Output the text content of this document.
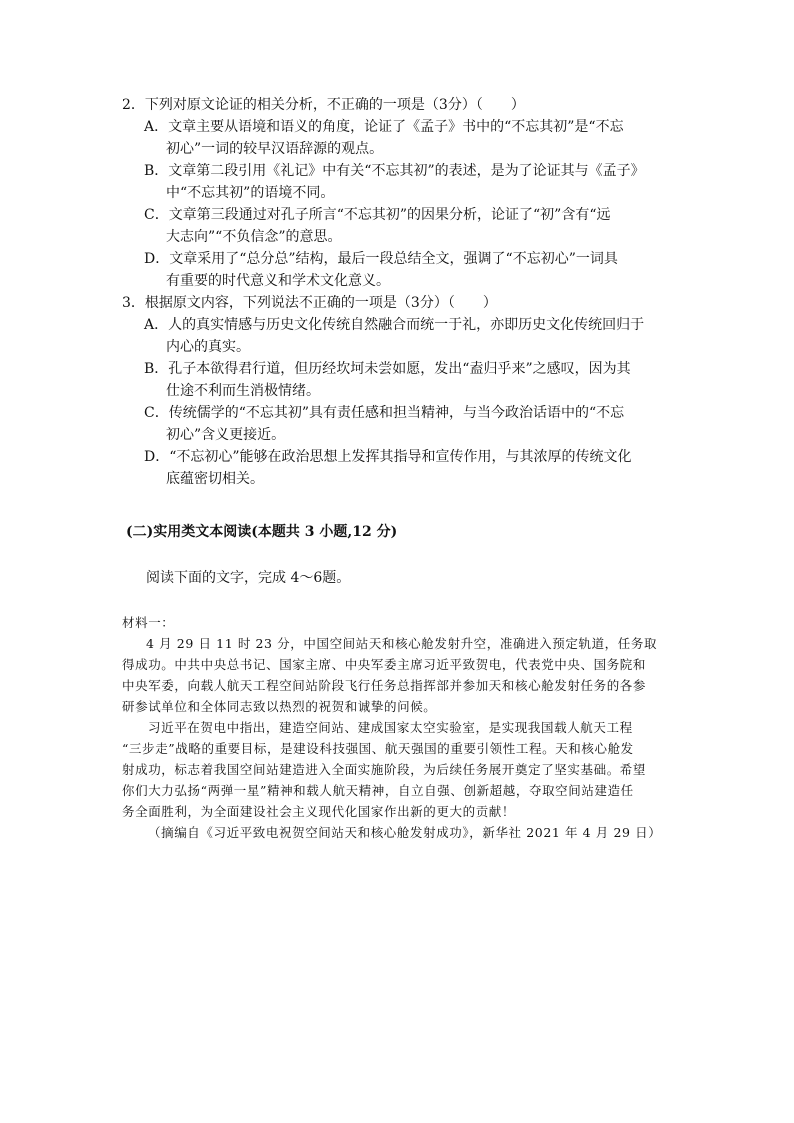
2．下列对原文论证的相关分析，不正确的一项是（3分）（　　）
A．文章主要从语境和语义的角度，论证了《孟子》书中的“不忘其初”是“不忘
初心”一词的较早汉语辞源的观点。
B．文章第二段引用《礼记》中有关“不忘其初”的表述，是为了论证其与《孟子》
中“不忘其初”的语境不同。
C．文章第三段通过对孔子所言“不忘其初”的因果分析，论证了“初”含有“远
大志向”“不负信念”的意思。
D．文章采用了“总分总”结构，最后一段总结全文，强调了“不忘初心”一词具
有重要的时代意义和学术文化意义。
3．根据原文内容，下列说法不正确的一项是（3分）（　　）
A．人的真实情感与历史文化传统自然融合而统一于礼，亦即历史文化传统回归于
内心的真实。
B．孔子本欲得君行道，但历经坎坷未尝如愿，发出“盍归乎来”之感叹，因为其
仕途不利而生消极情绪。
C．传统儒学的“不忘其初”具有责任感和担当精神，与当今政治话语中的“不忘
初心”含义更接近。
D．“不忘初心”能够在政治思想上发挥其指导和宣传作用，与其浓厚的传统文化
底蕴密切相关。
(二)实用类文本阅读(本题共 3 小题,12 分)
阅读下面的文字，完成 4～6题。
材料一：
4 月 29 日 11 时 23 分，中国空间站天和核心舱发射升空，准确进入预定轨道，任务取
得成功。中共中央总书记、国家主席、中央军委主席习近平致贺电，代表党中央、国务院和
中央军委，向载人航天工程空间站阶段飞行任务总指挥部并参加天和核心舱发射任务的各参
研参试单位和全体同志致以热烈的祝贺和诚挚的问候。
习近平在贺电中指出，建造空间站、建成国家太空实验室，是实现我国载人航天工程
“三步走”战略的重要目标，是建设科技强国、航天强国的重要引领性工程。天和核心舱发
射成功，标志着我国空间站建造进入全面实施阶段，为后续任务展开奠定了坚实基础。希望
你们大力弘扬“两弹一星”精神和载人航天精神，自立自强、创新超越，夺取空间站建造任
务全面胜利，为全面建设社会主义现代化国家作出新的更大的贡献！
（摘编自《习近平致电祝贺空间站天和核心舱发射成功》，新华社 2021 年 4 月 29 日）
